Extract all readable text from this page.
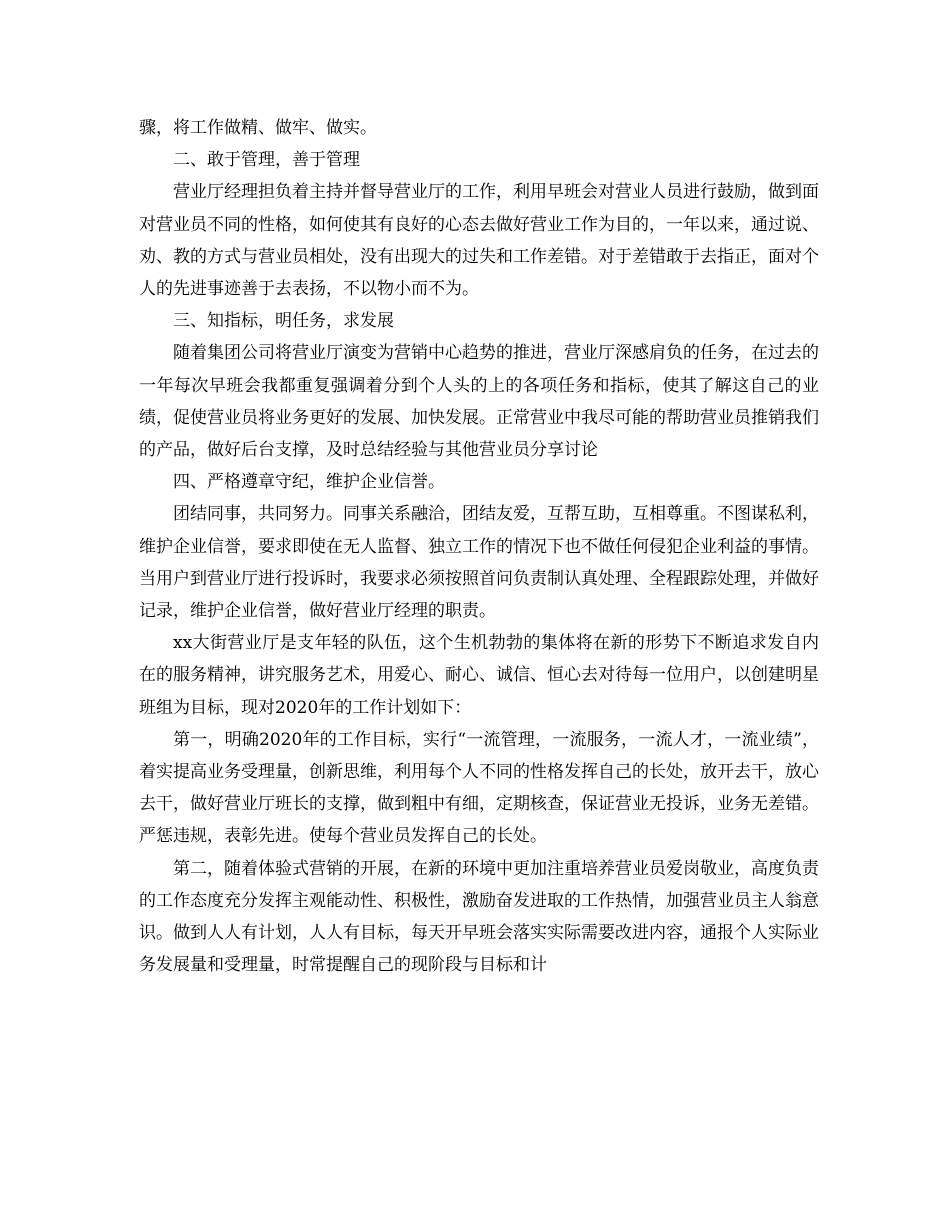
骤，将工作做精、做牢、做实。

二、敢于管理，善于管理

营业厅经理担负着主持并督导营业厅的工作，利用早班会对营业人员进行鼓励，做到面对营业员不同的性格，如何使其有良好的心态去做好营业工作为目的，一年以来，通过说、劝、教的方式与营业员相处，没有出现大的过失和工作差错。对于差错敢于去指正，面对个人的先进事迹善于去表扬，不以物小而不为。

三、知指标，明任务，求发展

随着集团公司将营业厅演变为营销中心趋势的推进，营业厅深感肩负的任务，在过去的一年每次早班会我都重复强调着分到个人头的上的各项任务和指标，使其了解这自己的业绩，促使营业员将业务更好的发展、加快发展。正常营业中我尽可能的帮助营业员推销我们的产品，做好后台支撑，及时总结经验与其他营业员分享讨论

四、严格遵章守纪，维护企业信誉。

团结同事，共同努力。同事关系融洽，团结友爱，互帮互助，互相尊重。不图谋私利，维护企业信誉，要求即使在无人监督、独立工作的情况下也不做任何侵犯企业利益的事情。当用户到营业厅进行投诉时，我要求必须按照首问负责制认真处理、全程跟踪处理，并做好记录，维护企业信誉，做好营业厅经理的职责。

xx大街营业厅是支年轻的队伍，这个生机勃勃的集体将在新的形势下不断追求发自内在的服务精神，讲究服务艺术，用爱心、耐心、诚信、恒心去对待每一位用户，以创建明星班组为目标，现对2020年的工作计划如下：

第一，明确2020年的工作目标，实行“一流管理，一流服务，一流人才，一流业绩”，着实提高业务受理量，创新思维，利用每个人不同的性格发挥自己的长处，放开去干，放心去干，做好营业厅班长的支撑，做到粗中有细，定期核查，保证营业无投诉，业务无差错。严惩违规，表彰先进。使每个营业员发挥自己的长处。

第二，随着体验式营销的开展，在新的环境中更加注重培养营业员爱岗敬业，高度负责的工作态度充分发挥主观能动性、积极性，激励奋发进取的工作热情，加强营业员主人翁意识。做到人人有计划，人人有目标，每天开早班会落实实际需要改进内容，通报个人实际业务发展量和受理量，时常提醒自己的现阶段与目标和计
